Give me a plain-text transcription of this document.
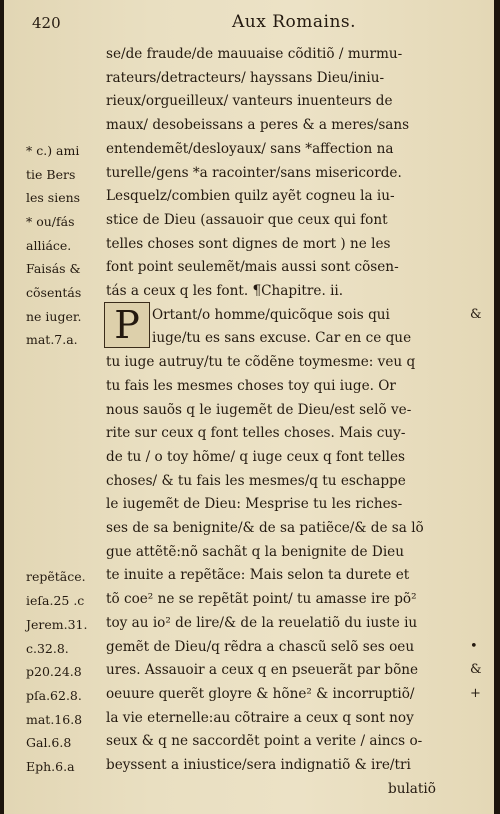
420	Aux Romains.
P
se/de fraude/de mauuaise cõditiõ / murmu-
rateurs/detracteurs/ hayssans Dieu/iniu-
rieux/orgueilleux/ vanteurs inuenteurs de
maux/ desobeissans a peres & a meres/sans
* c.) ami entendemẽt/desloyaux/ sans *affection na
tie Bers turelle/gens *a racointer/sans misericorde.
les siens Lesquelz/combien quilz ayẽt cogneu la iu-
* ou/fás stice de Dieu (assauoir que ceux qui font
alliáce.	telles choses sont dignes de mort ) ne les
Faisás & font point seulemẽt/mais aussi sont cõsen-
cõsentás tás a ceux q les font. ¶Chapitre. ii.
ne iuger.	Ortant/o homme/quicõque sois qui	&
mat.7.a.	iuge/tu es sans excuse. Car en ce que
tu iuge autruy/tu te cõdẽne toymesme: veu q
tu fais les mesmes choses toy qui iuge. Or
nous sauõs q le iugemẽt de Dieu/est selõ ve-
rite sur ceux q font telles choses. Mais cuy-
de tu / o toy hõme/ q iuge ceux q font telles
choses/ & tu fais les mesmes/q tu eschappe
le iugemẽt de Dieu: Mesprise tu les riches-
ses de sa benignite/& de sa patiẽce/& de sa lõ
gue attẽtẽ:nõ sachãt q la benignite de Dieu
repẽtãce. te inuite a repẽtãce: Mais selon ta durete et
ieſa.25 .c tõ coe² ne se repẽtãt point/ tu amasse ire põ²
Jerem.31. toy au io² de lire/& de la reuelatiõ du iuste iu
c.32.8.	gemẽt de Dieu/q rẽdra a chascũ selõ ses oeu	•
p20.24.8 ures. Assauoir a ceux q en pseuerãt par bõne	&
pſa.62.8. oeuure querẽt gloyre & hõne² & incorruptiõ/	+
mat.16.8 la vie eternelle:au cõtraire a ceux q sont noy
Gal.6.8	seux & q ne saccordẽt point a verite / aincs o-
Eph.6.a beyssent a iniustice/sera indignatiõ & ire/tri
bulatiõ
